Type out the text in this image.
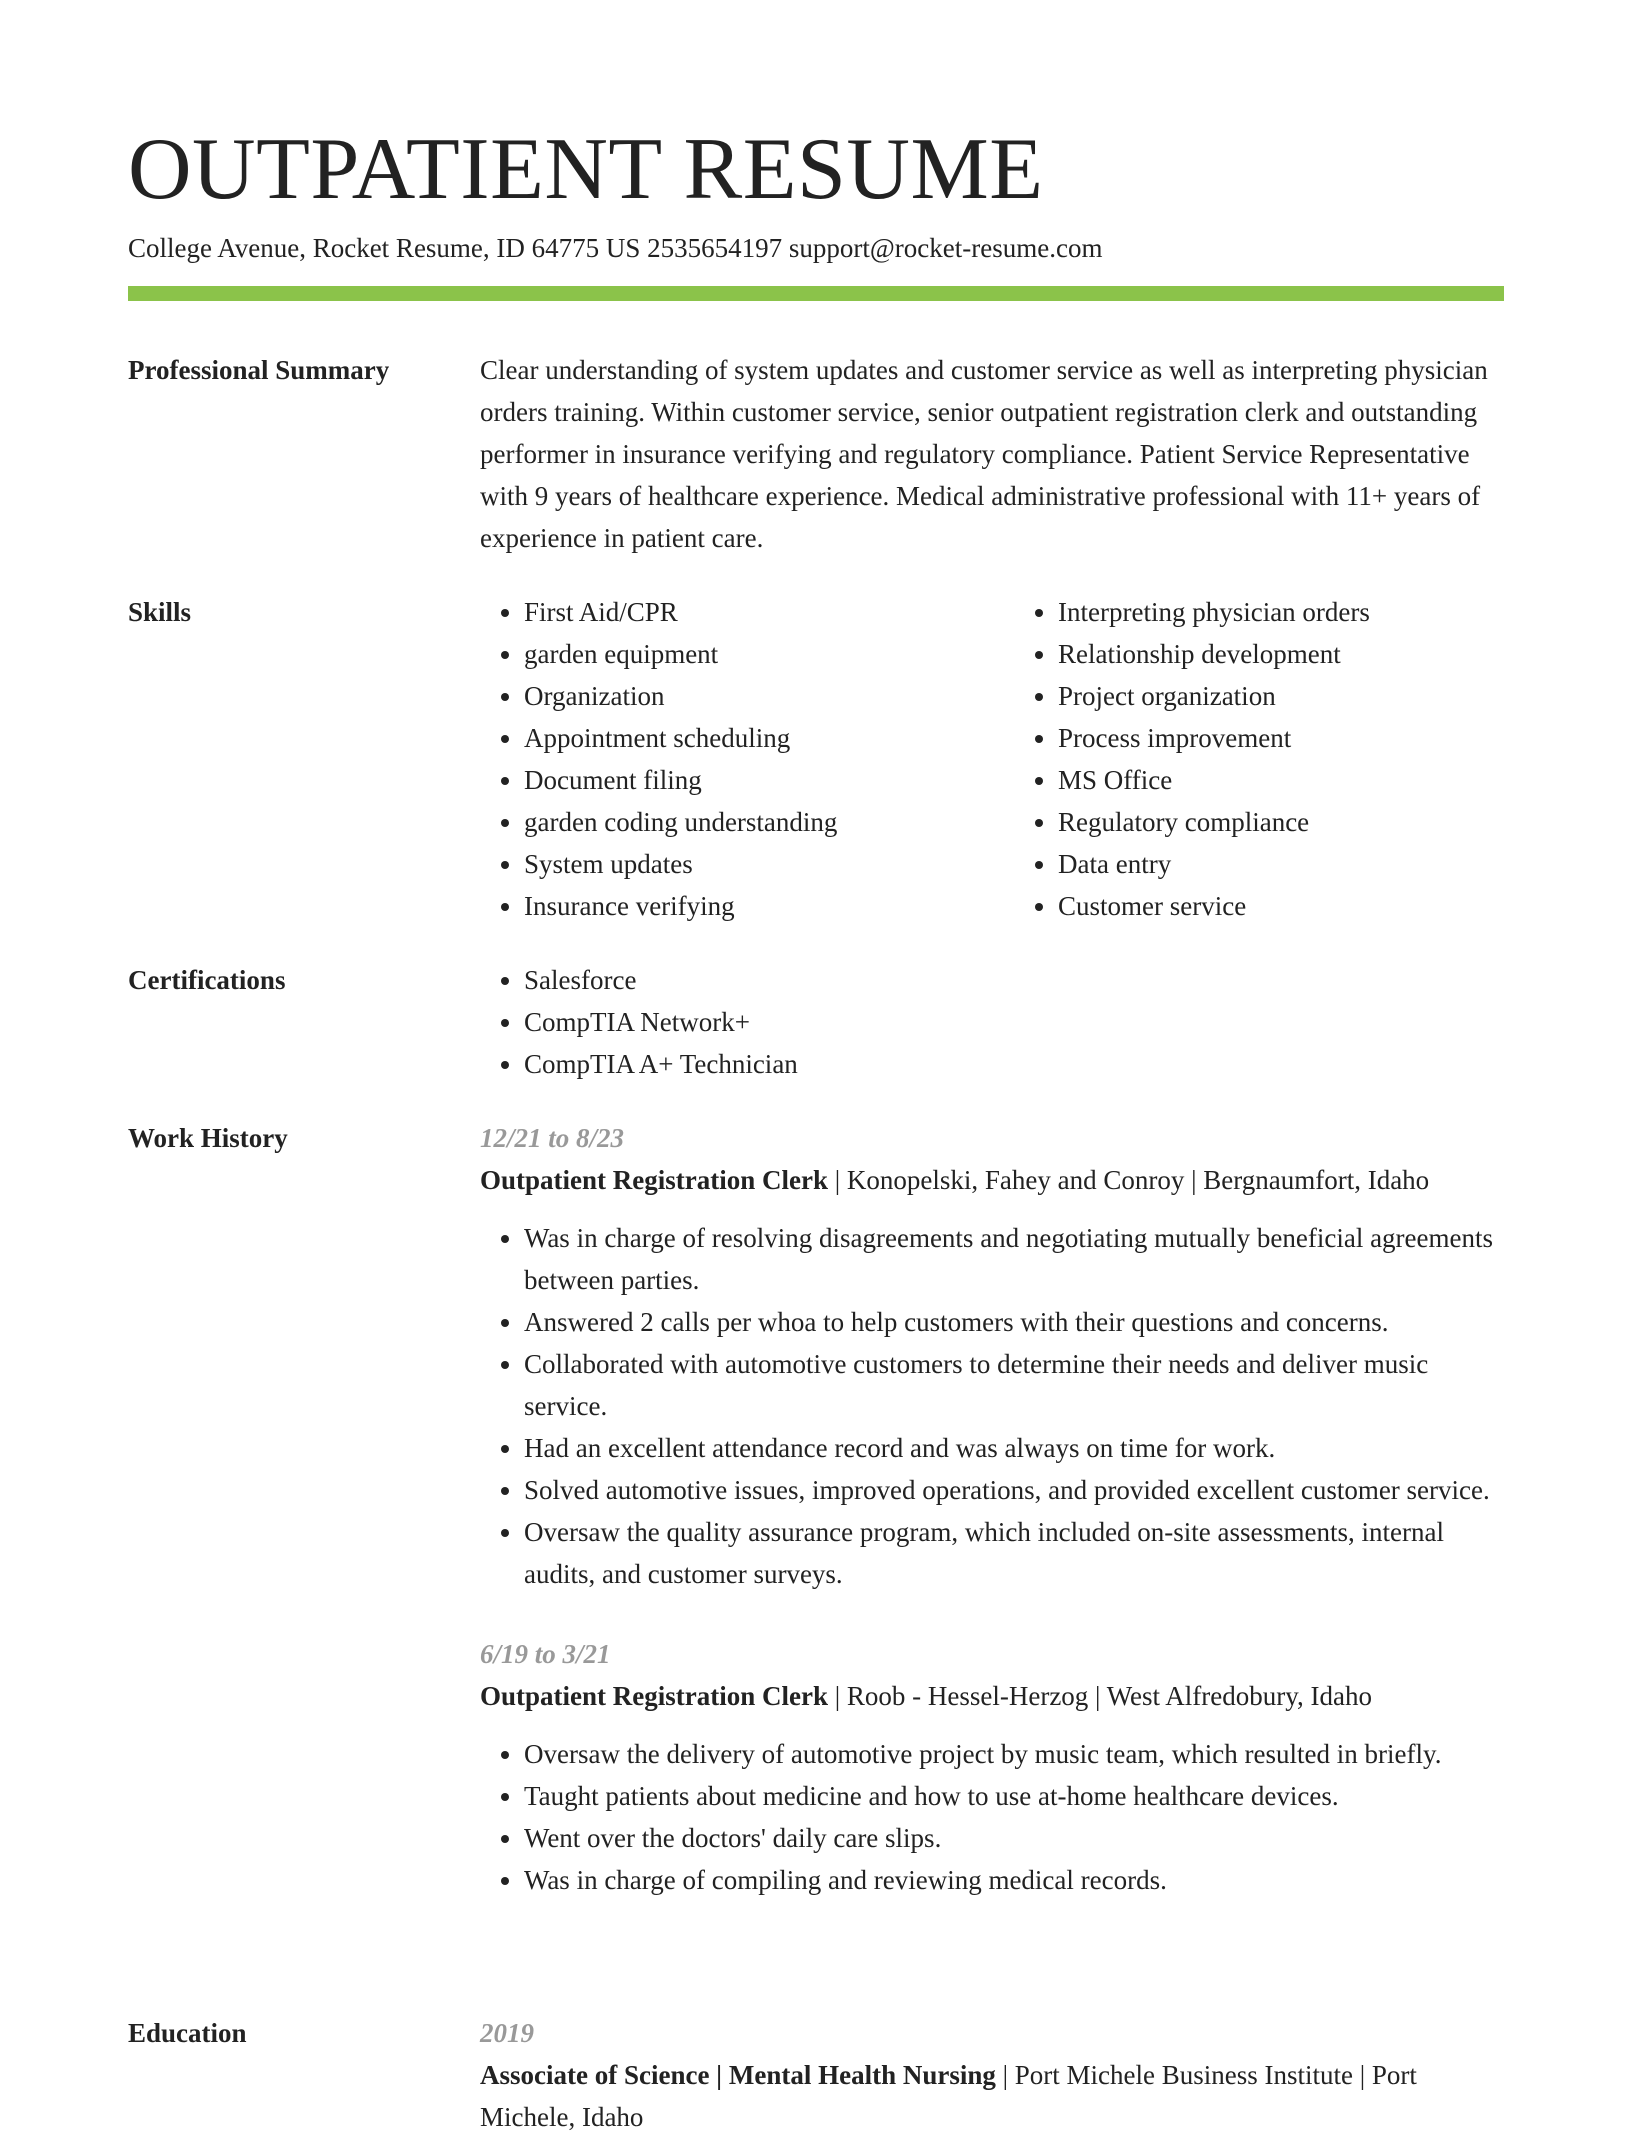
OUTPATIENT RESUME
College Avenue, Rocket Resume, ID 64775 US 2535654197 support@rocket-resume.com
Professional Summary	Clear understanding of system updates and customer service as well as interpreting physician orders training. Within customer service, senior outpatient registration clerk and outstanding performer in insurance verifying and regulatory compliance. Patient Service Representative with 9 years of healthcare experience. Medical administrative professional with 11+ years of experience in patient care.

Skills	• First Aid/CPR
• garden equipment
• Organization
• Appointment scheduling
• Document filing
• garden coding understanding
• System updates
• Insurance verifying
• Interpreting physician orders
• Relationship development
• Project organization
• Process improvement
• MS Office
• Regulatory compliance
• Data entry
• Customer service
Certifications	• Salesforce
• CompTIA Network+
• CompTIA A+ Technician
Work History	12/21 to 8/23
Outpatient Registration Clerk | Konopelski, Fahey and Conroy | Bergnaumfort, Idaho
• Was in charge of resolving disagreements and negotiating mutually beneficial agreements between parties.
• Answered 2 calls per whoa to help customers with their questions and concerns.
• Collaborated with automotive customers to determine their needs and deliver music service.
• Had an excellent attendance record and was always on time for work.
• Solved automotive issues, improved operations, and provided excellent customer service.
• Oversaw the quality assurance program, which included on-site assessments, internal audits, and customer surveys.
6/19 to 3/21
Outpatient Registration Clerk | Roob - Hessel-Herzog | West Alfredobury, Idaho
• Oversaw the delivery of automotive project by music team, which resulted in briefly.
• Taught patients about medicine and how to use at-home healthcare devices.
• Went over the doctors' daily care slips.
• Was in charge of compiling and reviewing medical records.
Education	2019
Associate of Science | Mental Health Nursing | Port Michele Business Institute | Port Michele, Idaho
